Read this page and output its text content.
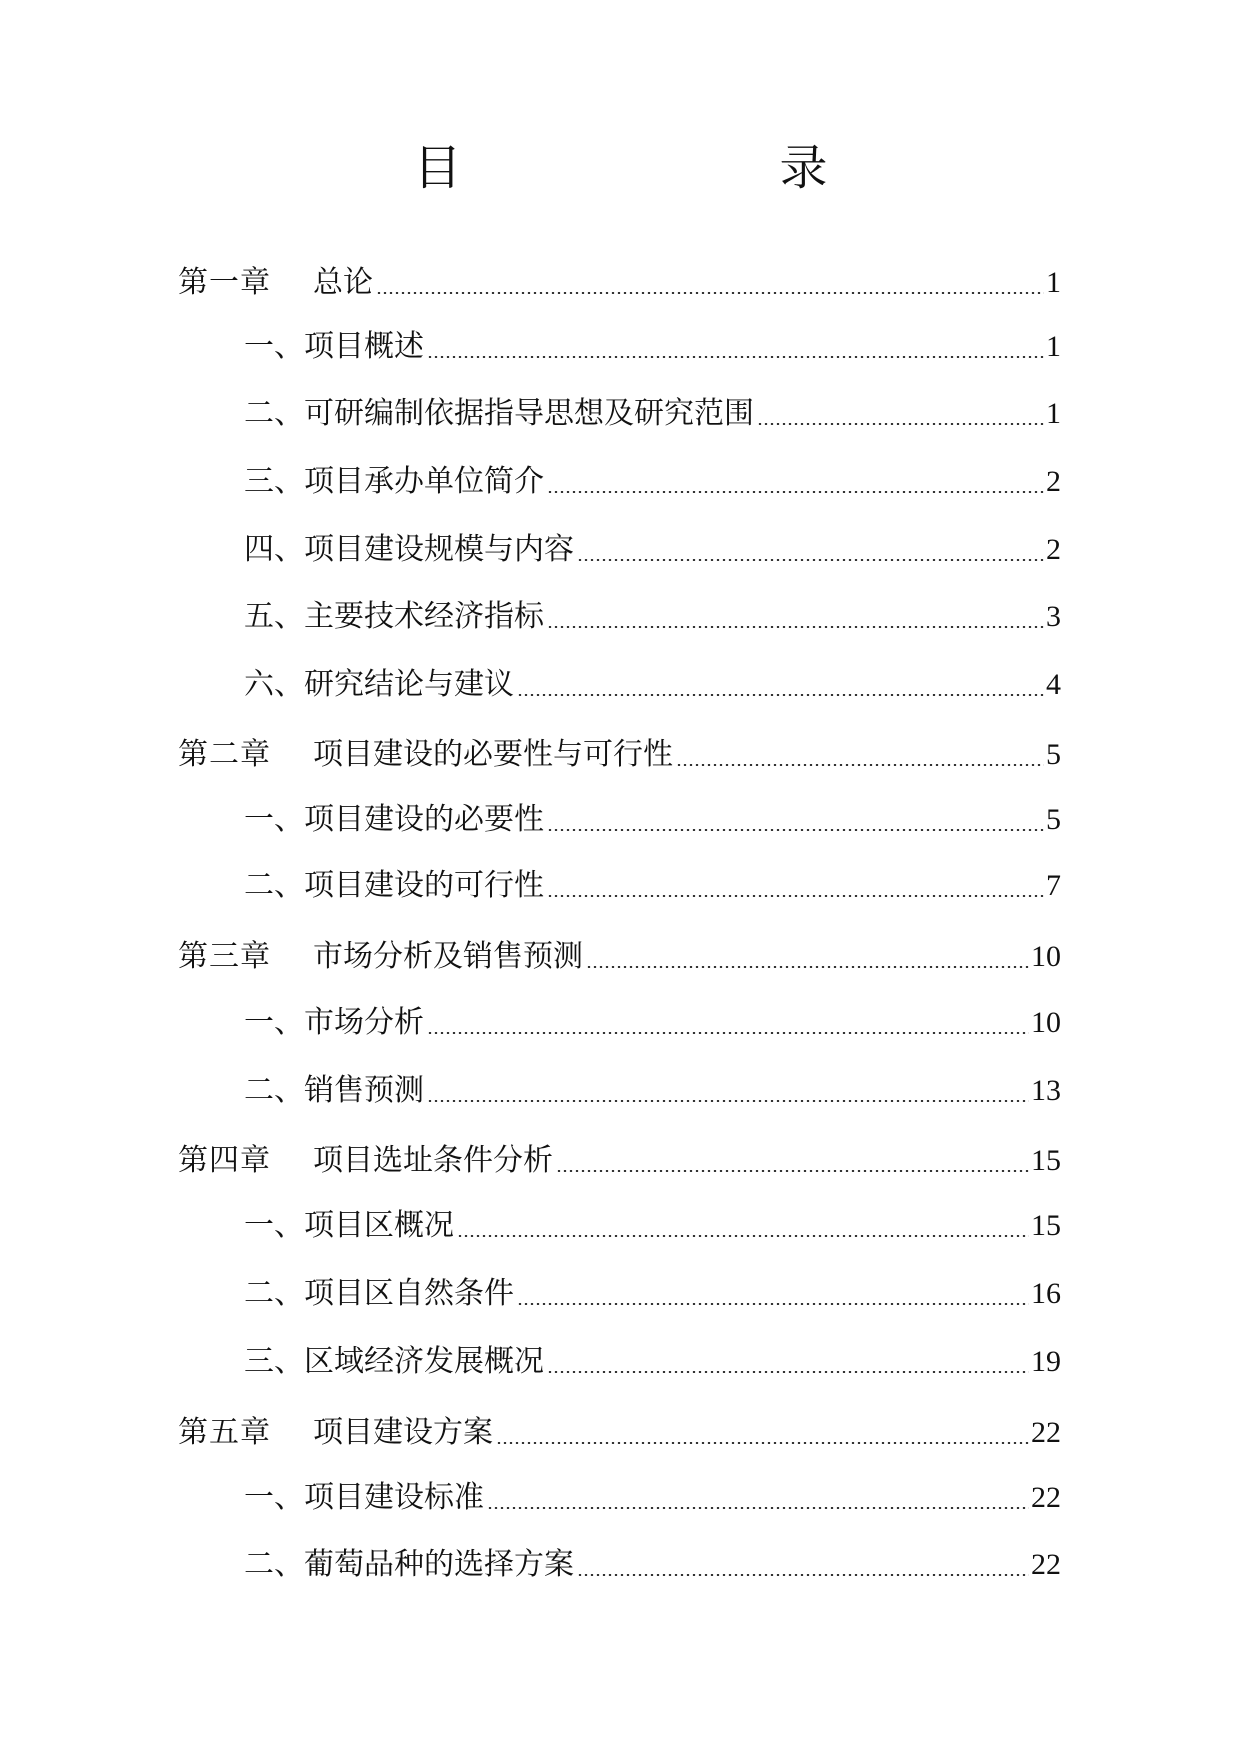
目　　录
第一章	总论	1
一、 项目概述	1
二、 可研编制依据指导思想及研究范围	1
三、 项目承办单位简介	2
四、 项目建设规模与内容	2
五、 主要技术经济指标	3
六、 研究结论与建议	4
第二章	项目建设的必要性与可行性	5
一、 项目建设的必要性	5
二、 项目建设的可行性	7
第三章	市场分析及销售预测	10
一、 市场分析	10
二、 销售预测	13
第四章	项目选址条件分析	15
一、 项目区概况	15
二、 项目区自然条件	16
三、 区域经济发展概况	19
第五章	项目建设方案	22
一、 项目建设标准	22
二、 葡萄品种的选择方案	22
